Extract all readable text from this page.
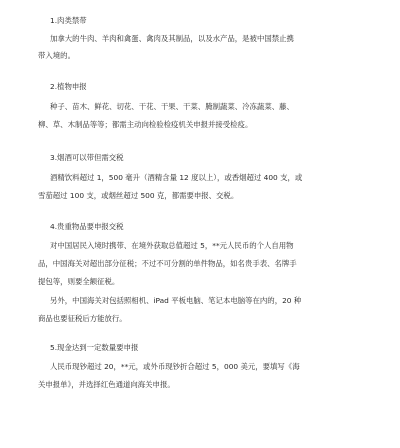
1.肉类禁带
加拿大的牛肉、羊肉和禽蛋、禽肉及其制品，以及水产品，是被中国禁止携
带入境的。
2.植物申报
种子、苗木、鲜花、切花、干花、干果、干菜、腌制蔬菜、冷冻蔬菜、藤、
柳、草、木制品等等；都需主动向检验检疫机关申报并接受检疫。
3.烟酒可以带但需交税
酒精饮料超过 1，500 毫升（酒精含量 12 度以上），或香烟超过 400 支，或
雪茄超过 100 支，或烟丝超过 500 克，都需要申报、交税。
4.贵重物品要申报交税
对中国居民入境时携带、在境外获取总值超过 5，**元人民币的个人自用物
品，中国海关对超出部分征税；不过不可分割的单件物品，如名贵手表、名牌手
提包等，则要全额征税。
另外，中国海关对包括照相机、iPad 平板电脑、笔记本电脑等在内的，20 种
商品也要征税后方能放行。
5.现金达到一定数量要申报
人民币现钞超过 20，**元，或外币现钞折合超过 5，000 美元，要填写《海
关申报单》，并选择红色通道向海关申报。
